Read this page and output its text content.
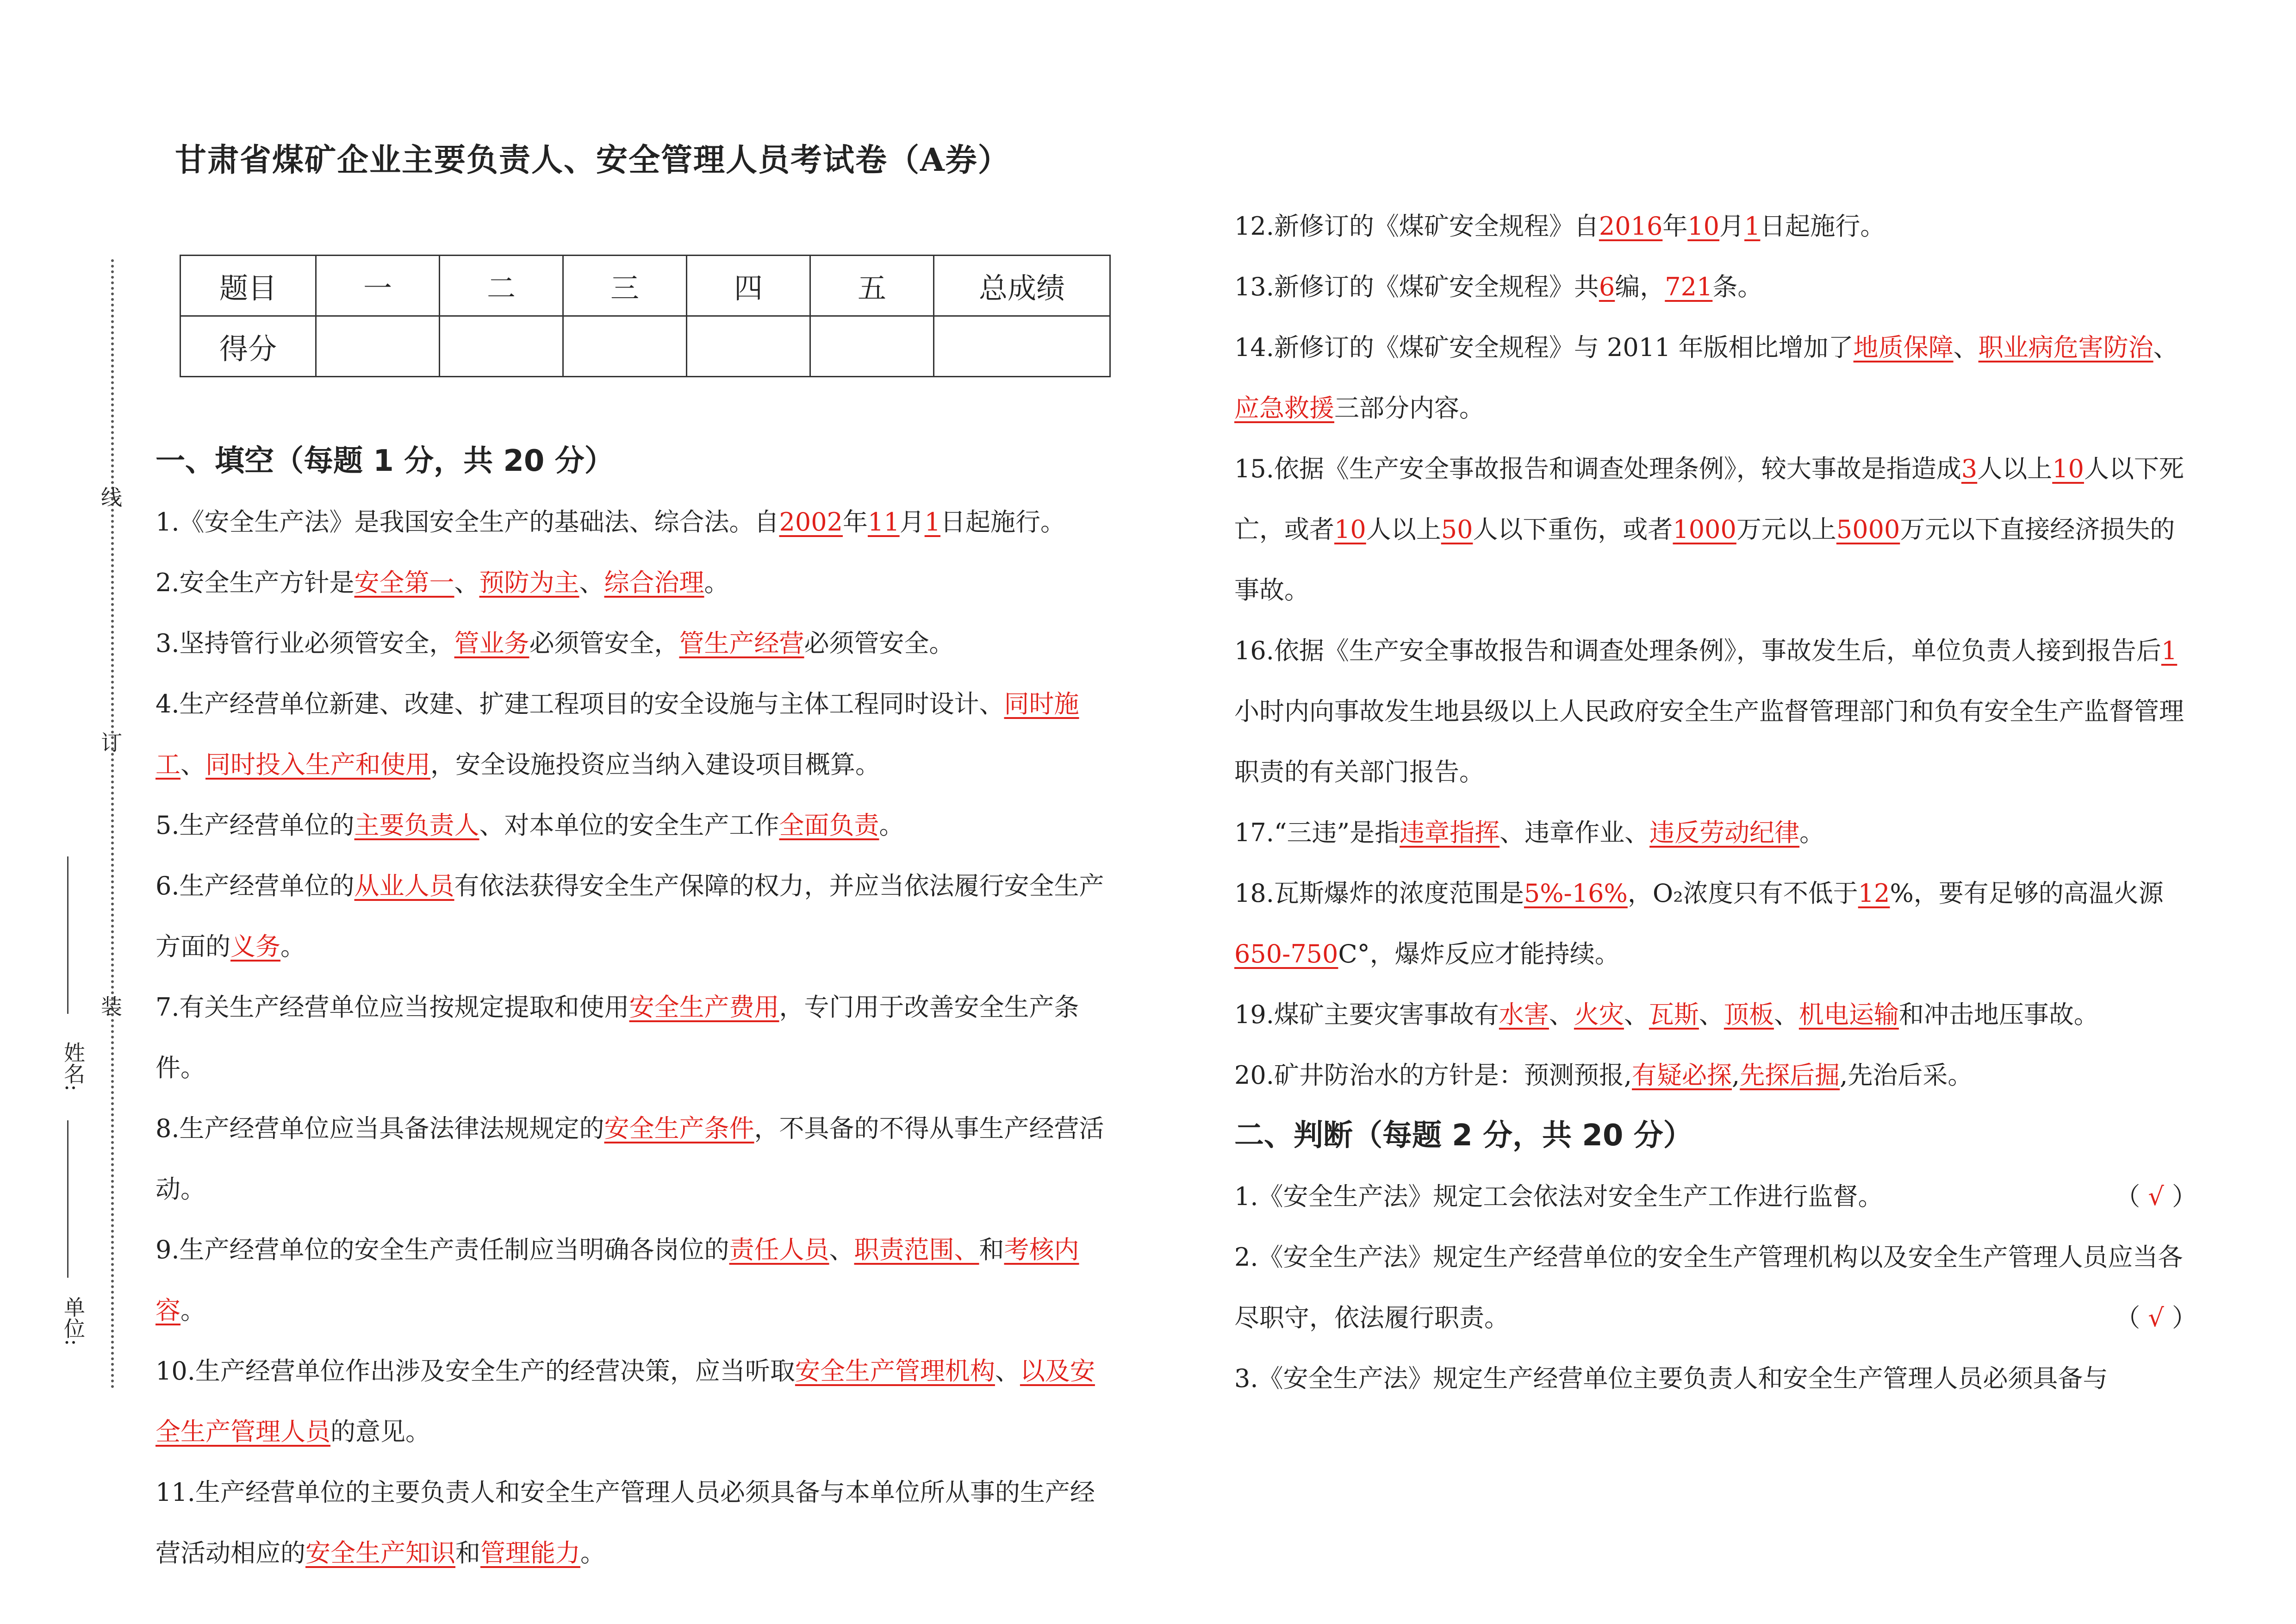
线
订
装
姓名:
单位:
甘肃省煤矿企业主要负责人、安全管理人员考试卷（A券）
题目	一	二	三	四	五	总成绩
得分						

一、填空（每题 1 分，共 20 分）

1.《安全生产法》是我国安全生产的基础法、综合法。自2002年11月1日起施行。

2.安全生产方针是安全第一、预防为主、综合治理。

3.坚持管行业必须管安全，管业务必须管安全，管生产经营必须管安全。

4.生产经营单位新建、改建、扩建工程项目的安全设施与主体工程同时设计、同时施工、同时投入生产和使用，安全设施投资应当纳入建设项目概算。

5.生产经营单位的主要负责人、对本单位的安全生产工作全面负责。

6.生产经营单位的从业人员有依法获得安全生产保障的权力，并应当依法履行安全生产方面的义务。

7.有关生产经营单位应当按规定提取和使用安全生产费用，专门用于改善安全生产条件。

8.生产经营单位应当具备法律法规规定的安全生产条件，不具备的不得从事生产经营活动。

9.生产经营单位的安全生产责任制应当明确各岗位的责任人员、职责范围、和考核内容。

10.生产经营单位作出涉及安全生产的经营决策，应当听取安全生产管理机构、以及安全生产管理人员的意见。

11.生产经营单位的主要负责人和安全生产管理人员必须具备与本单位所从事的生产经营活动相应的安全生产知识和管理能力。

12.新修订的《煤矿安全规程》自2016年10月1日起施行。

13.新修订的《煤矿安全规程》共6编，721条。

14.新修订的《煤矿安全规程》与 2011 年版相比增加了地质保障、职业病危害防治、应急救援三部分内容。

15.依据《生产安全事故报告和调查处理条例》，较大事故是指造成3人以上10人以下死亡，或者10人以上50人以下重伤，或者1000万元以上5000万元以下直接经济损失的事故。

16.依据《生产安全事故报告和调查处理条例》，事故发生后，单位负责人接到报告后1小时内向事故发生地县级以上人民政府安全生产监督管理部门和负有安全生产监督管理职责的有关部门报告。

17.“三违”是指违章指挥、违章作业、违反劳动纪律。

18.瓦斯爆炸的浓度范围是5%-16%，O₂浓度只有不低于12%，要有足够的高温火源650-750C°，爆炸反应才能持续。

19.煤矿主要灾害事故有水害、火灾、瓦斯、顶板、机电运输和冲击地压事故。

20.矿井防治水的方针是：预测预报,有疑必探,先探后掘,先治后采。

二、判断（每题 2 分，共 20 分）

1.《安全生产法》规定工会依法对安全生产工作进行监督。	（ √ ）

2.《安全生产法》规定生产经营单位的安全生产管理机构以及安全生产管理人员应当各尽职守，依法履行职责。	（ √ ）

3.《安全生产法》规定生产经营单位主要负责人和安全生产管理人员必须具备与
